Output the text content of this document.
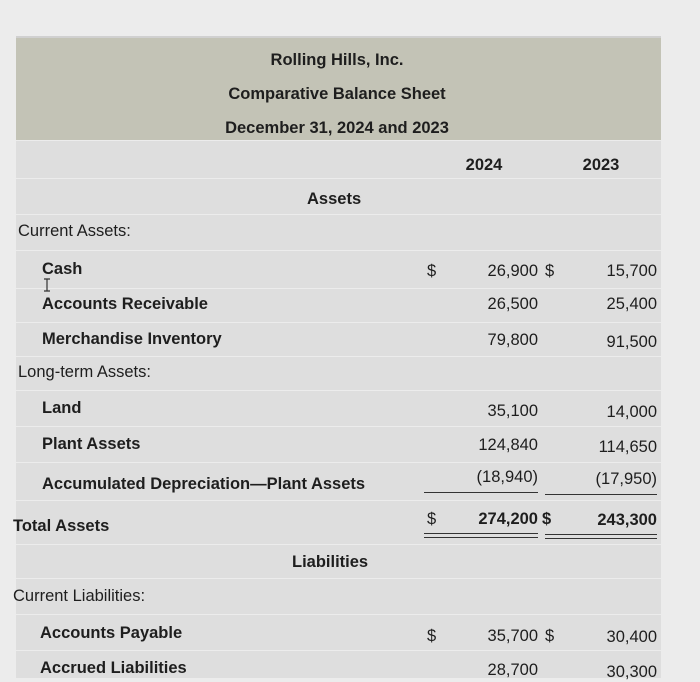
Rolling Hills, Inc.
Comparative Balance Sheet
December 31, 2024 and 2023
2024	2023
Assets
Current Assets:
Cash	$	26,900 $	15,700
Accounts Receivable	26,500	25,400
Merchandise Inventory	79,800	91,500
Long-term Assets:
Land	35,100	14,000
Plant Assets	124,840	114,650
Accumulated Depreciation—Plant Assets	(18,940)	(17,950)
Total Assets	$	274,200 $	243,300
Liabilities
Current Liabilities:
Accounts Payable	$	35,700 $	30,400
Accrued Liabilities	28,700	30,300
